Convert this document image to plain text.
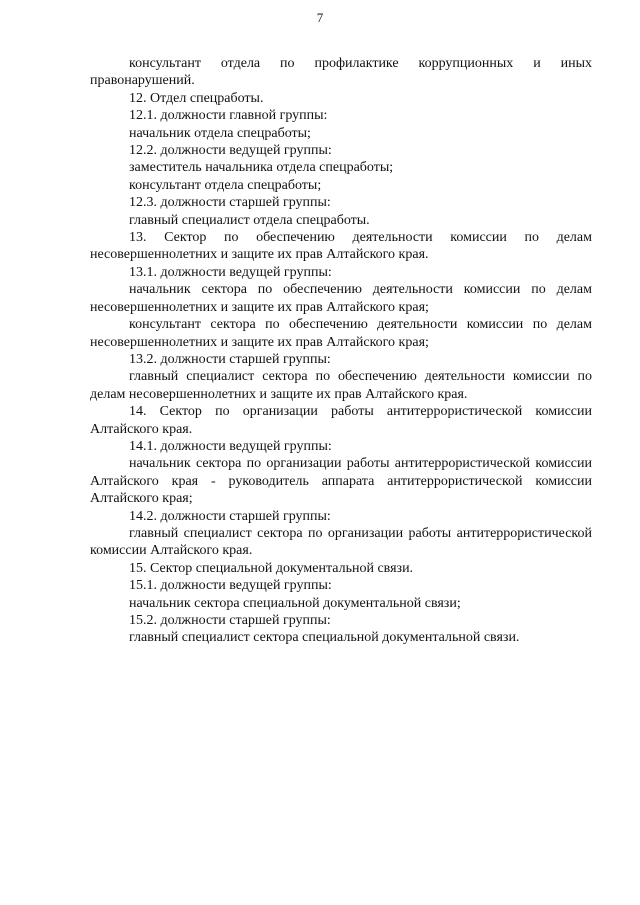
7

консультант отдела по профилактике коррупционных и иных правонарушений.

12. Отдел спецработы.

12.1. должности главной группы:

начальник отдела спецработы;

12.2. должности ведущей группы:

заместитель начальника отдела спецработы;

консультант отдела спецработы;

12.3. должности старшей группы:

главный специалист отдела спецработы.

13. Сектор по обеспечению деятельности комиссии по делам несовершеннолетних и защите их прав Алтайского края.

13.1. должности ведущей группы:

начальник сектора по обеспечению деятельности комиссии по делам несовершеннолетних и защите их прав Алтайского края;

консультант сектора по обеспечению деятельности комиссии по делам несовершеннолетних и защите их прав Алтайского края;

13.2. должности старшей группы:

главный специалист сектора по обеспечению деятельности комиссии по делам несовершеннолетних и защите их прав Алтайского края.

14. Сектор по организации работы антитеррористической комиссии Алтайского края.

14.1. должности ведущей группы:

начальник сектора по организации работы антитеррористической комиссии Алтайского края - руководитель аппарата антитеррористической комиссии Алтайского края;

14.2. должности старшей группы:

главный специалист сектора по организации работы антитеррористической комиссии Алтайского края.

15. Сектор специальной документальной связи.

15.1. должности ведущей группы:

начальник сектора специальной документальной связи;

15.2. должности старшей группы:

главный специалист сектора специальной документальной связи.
